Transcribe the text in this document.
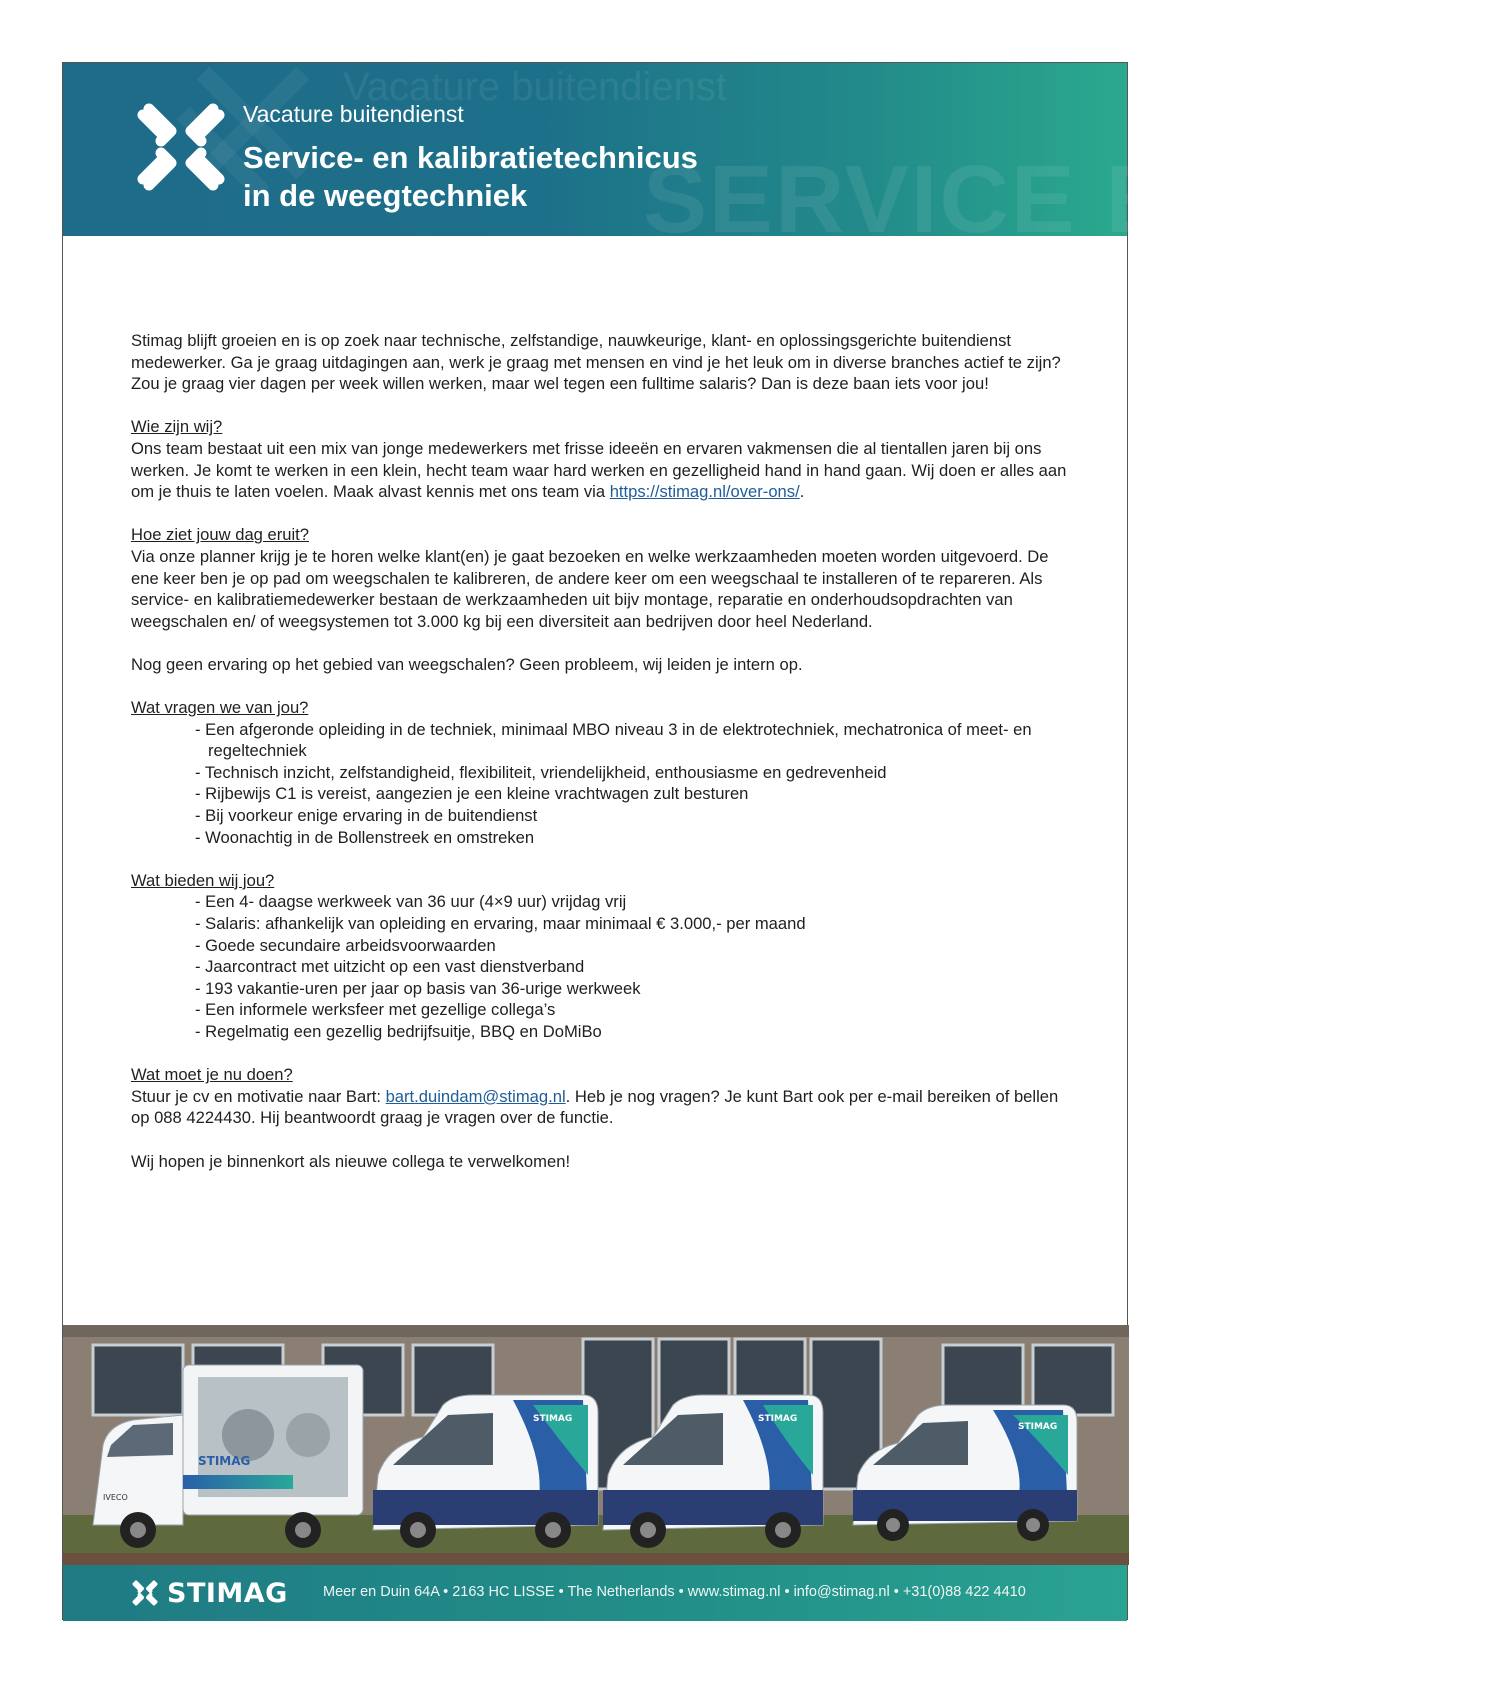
Vacature buitendienst
SERVICE EN KALI
Vacature buitendienst
Service- en kalibratietechnicus
in de weegtechniek

Stimag blijft groeien en is op zoek naar technische, zelfstandige, nauwkeurige, klant- en oplossingsgerichte buitendienst medewerker. Ga je graag uitdagingen aan, werk je graag met mensen en vind je het leuk om in diverse branches actief te zijn? Zou je graag vier dagen per week willen werken, maar wel tegen een fulltime salaris? Dan is deze baan iets voor jou!

Wie zijn wij?

Ons team bestaat uit een mix van jonge medewerkers met frisse ideeën en ervaren vakmensen die al tientallen jaren bij ons werken. Je komt te werken in een klein, hecht team waar hard werken en gezelligheid hand in hand gaan. Wij doen er alles aan om je thuis te laten voelen. Maak alvast kennis met ons team via https://stimag.nl/over-ons/.

Hoe ziet jouw dag eruit?

Via onze planner krijg je te horen welke klant(en) je gaat bezoeken en welke werkzaamheden moeten worden uitgevoerd. De ene keer ben je op pad om weegschalen te kalibreren, de andere keer om een weegschaal te installeren of te repareren. Als service- en kalibratiemedewerker bestaan de werkzaamheden uit bijv montage, reparatie en onderhoudsopdrachten van weegschalen en/ of weegsystemen tot 3.000 kg bij een diversiteit aan bedrijven door heel Nederland.

Nog geen ervaring op het gebied van weegschalen? Geen probleem, wij leiden je intern op.

Wat vragen we van jou?
- Een afgeronde opleiding in de techniek, minimaal MBO niveau 3 in de elektrotechniek, mechatronica of meet- en regeltechniek
- Technisch inzicht, zelfstandigheid, flexibiliteit, vriendelijkheid, enthousiasme en gedrevenheid
- Rijbewijs C1 is vereist, aangezien je een kleine vrachtwagen zult besturen
- Bij voorkeur enige ervaring in de buitendienst
- Woonachtig in de Bollenstreek en omstreken
Wat bieden wij jou?
- Een 4- daagse werkweek van 36 uur (4×9 uur) vrijdag vrij
- Salaris: afhankelijk van opleiding en ervaring, maar minimaal € 3.000,- per maand
- Goede secundaire arbeidsvoorwaarden
- Jaarcontract met uitzicht op een vast dienstverband
- 193 vakantie-uren per jaar op basis van 36-urige werkweek
- Een informele werksfeer met gezellige collega’s
- Regelmatig een gezellig bedrijfsuitje, BBQ en DoMiBo
Wat moet je nu doen?

Stuur je cv en motivatie naar Bart: bart.duindam@stimag.nl. Heb je nog vragen? Je kunt Bart ook per e-mail bereiken of bellen op 088 4224430. Hij beantwoordt graag je vragen over de functie.

Wij hopen je binnenkort als nieuwe collega te verwelkomen!

STIMAG
IVECO
STIMAG	STIMAG
STIMAG
STIMAG Meer en Duin 64A • 2163 HC LISSE • The Netherlands • www.stimag.nl • info@stimag.nl • +31(0)88 422 4410
